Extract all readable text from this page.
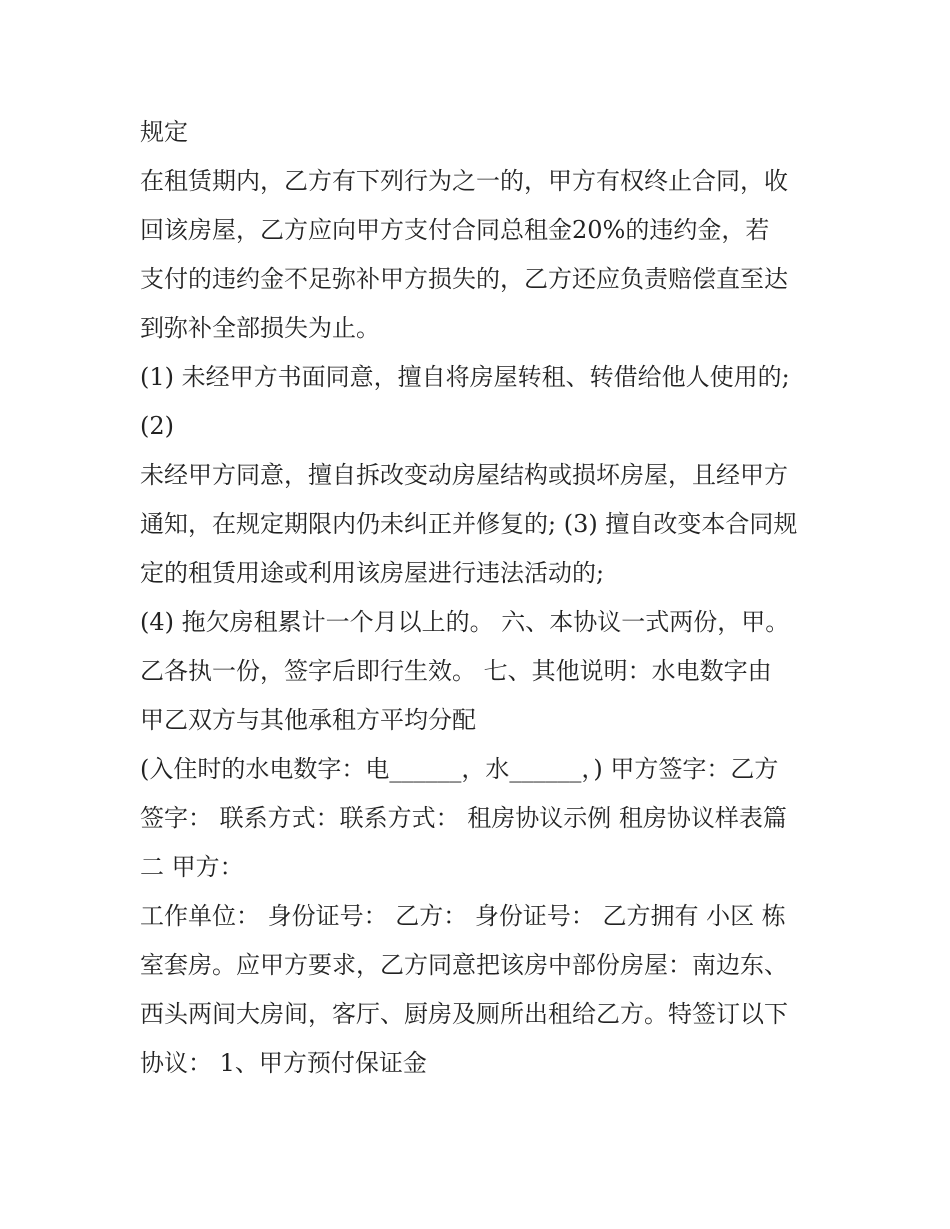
规定
在租赁期内，乙方有下列行为之一的，甲方有权终止合同，收
回该房屋，乙方应向甲方支付合同总租金20%的违约金，若
支付的违约金不足弥补甲方损失的，乙方还应负责赔偿直至达
到弥补全部损失为止。
(1) 未经甲方书面同意，擅自将房屋转租、转借给他人使用的;
(2)
未经甲方同意，擅自拆改变动房屋结构或损坏房屋，且经甲方
通知，在规定期限内仍未纠正并修复的; (3) 擅自改变本合同规
定的租赁用途或利用该房屋进行违法活动的;
(4) 拖欠房租累计一个月以上的。 六、本协议一式两份，甲。
乙各执一份，签字后即行生效。 七、其他说明：水电数字由
甲乙双方与其他承租方平均分配
(入住时的水电数字：电______，水______，) 甲方签字：乙方
签字： 联系方式：联系方式： 租房协议示例 租房协议样表篇
二 甲方：
工作单位： 身份证号： 乙方： 身份证号： 乙方拥有 小区 栋
室套房。应甲方要求，乙方同意把该房中部份房屋：南边东、
西头两间大房间，客厅、厨房及厕所出租给乙方。特签订以下
协议： 1、甲方预付保证金
